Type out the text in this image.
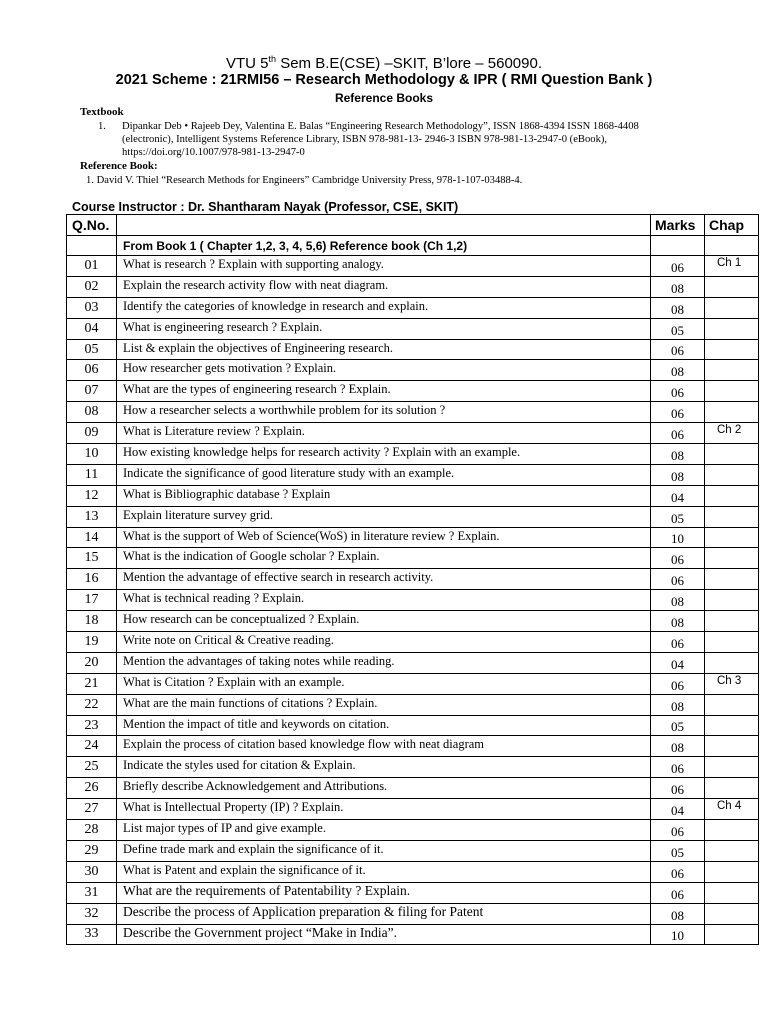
VTU 5th Sem B.E(CSE) –SKIT, B’lore – 560090.
2021 Scheme : 21RMI56 – Research Methodology & IPR ( RMI Question Bank )
Reference Books
Textbook
1. Dipankar Deb • Rajeeb Dey, Valentina E. Balas “Engineering Research Methodology”, ISSN 1868-4394 ISSN 1868-4408 (electronic), Intelligent Systems Reference Library, ISBN 978-981-13- 2946-3 ISBN 978-981-13-2947-0 (eBook), https://doi.org/10.1007/978-981-13-2947-0
Reference Book:
1. David V. Thiel “Research Methods for Engineers” Cambridge University Press, 978-1-107-03488-4.
Course Instructor : Dr. Shantharam Nayak (Professor, CSE, SKIT)
Q.No.		Marks	Chap
	From Book 1 ( Chapter 1,2, 3, 4, 5,6) Reference book (Ch 1,2)		
01	What is research ? Explain with supporting analogy.	06	Ch 1
02	Explain the research activity flow with neat diagram.	08	
03	Identify the categories of knowledge in research and explain.	08	
04	What is engineering research ? Explain.	05	
05	List & explain the objectives of Engineering research.	06	
06	How researcher gets motivation ? Explain.	08	
07	What are the types of engineering research ? Explain.	06	
08	How a researcher selects a worthwhile problem for its solution ?	06	
09	What is Literature review ? Explain.	06	Ch 2
10	How existing knowledge helps for research activity ? Explain with an example.	08	
11	Indicate the significance of good literature study with an example.	08	
12	What is Bibliographic database ? Explain	04	
13	Explain literature survey grid.	05	
14	What is the support of Web of Science(WoS) in literature review ? Explain.	10	
15	What is the indication of Google scholar ? Explain.	06	
16	Mention the advantage of effective search in research activity.	06	
17	What is technical reading ? Explain.	08	
18	How research can be conceptualized ? Explain.	08	
19	Write note on Critical & Creative reading.	06	
20	Mention the advantages of taking notes while reading.	04	
21	What is Citation ? Explain with an example.	06	Ch 3
22	What are the main functions of citations ? Explain.	08	
23	Mention the impact of title and keywords on citation.	05	
24	Explain the process of citation based knowledge flow with neat diagram	08	
25	Indicate the styles used for citation & Explain.	06	
26	Briefly describe Acknowledgement and Attributions.	06	
27	What is Intellectual Property (IP) ? Explain.	04	Ch 4
28	List major types of IP and give example.	06	
29	Define trade mark and explain the significance of it.	05	
30	What is Patent and explain the significance of it.	06	
31	What are the requirements of Patentability ? Explain.	06	
32	Describe the process of Application preparation & filing for Patent	08	
33	Describe the Government project “Make in India”.	10	
